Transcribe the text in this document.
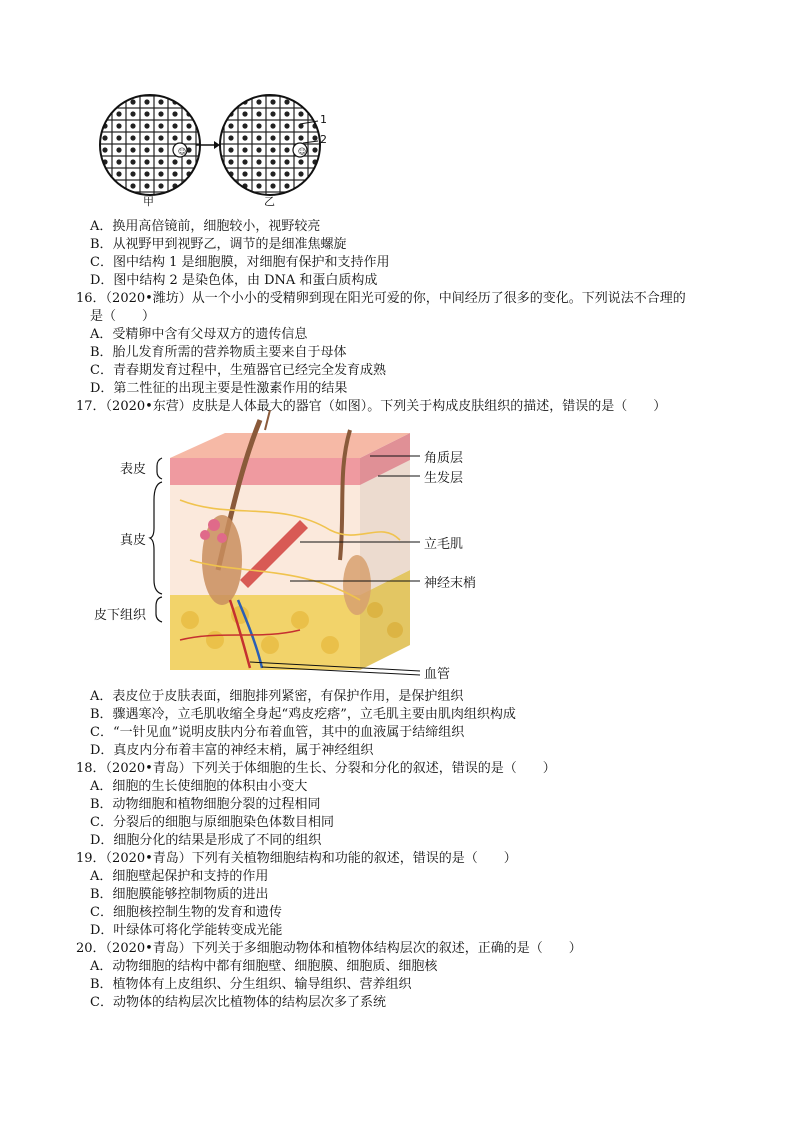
☺	☺
甲	乙
1
2
A．换用高倍镜前，细胞较小，视野较亮
B．从视野甲到视野乙，调节的是细准焦螺旋
C．图中结构 1 是细胞膜，对细胞有保护和支持作用
D．图中结构 2 是染色体，由 DNA 和蛋白质构成
16．（2020•潍坊）从一个小小的受精卵到现在阳光可爱的你，中间经历了很多的变化。下列说法不合理的
是（　　）
A．受精卵中含有父母双方的遗传信息
B．胎儿发育所需的营养物质主要来自于母体
C．青春期发育过程中，生殖器官已经完全发育成熟
D．第二性征的出现主要是性激素作用的结果
17．（2020•东营）皮肤是人体最大的器官（如图）。下列关于构成皮肤组织的描述，错误的是（　　）
表皮
真皮
皮下组织
角质层
生发层
立毛肌
神经末梢
血管
A．表皮位于皮肤表面，细胞排列紧密，有保护作用，是保护组织
B．骤遇寒冷，立毛肌收缩全身起“鸡皮疙瘩”，立毛肌主要由肌肉组织构成
C．“一针见血”说明皮肤内分布着血管，其中的血液属于结缔组织
D．真皮内分布着丰富的神经末梢，属于神经组织
18．（2020•青岛）下列关于体细胞的生长、分裂和分化的叙述，错误的是（　　）
A．细胞的生长使细胞的体积由小变大
B．动物细胞和植物细胞分裂的过程相同
C．分裂后的细胞与原细胞染色体数目相同
D．细胞分化的结果是形成了不同的组织
19．（2020•青岛）下列有关植物细胞结构和功能的叙述，错误的是（　　）
A．细胞壁起保护和支持的作用
B．细胞膜能够控制物质的进出
C．细胞核控制生物的发育和遗传
D．叶绿体可将化学能转变成光能
20．（2020•青岛）下列关于多细胞动物体和植物体结构层次的叙述，正确的是（　　）
A．动物细胞的结构中都有细胞壁、细胞膜、细胞质、细胞核
B．植物体有上皮组织、分生组织、输导组织、营养组织
C．动物体的结构层次比植物体的结构层次多了系统
